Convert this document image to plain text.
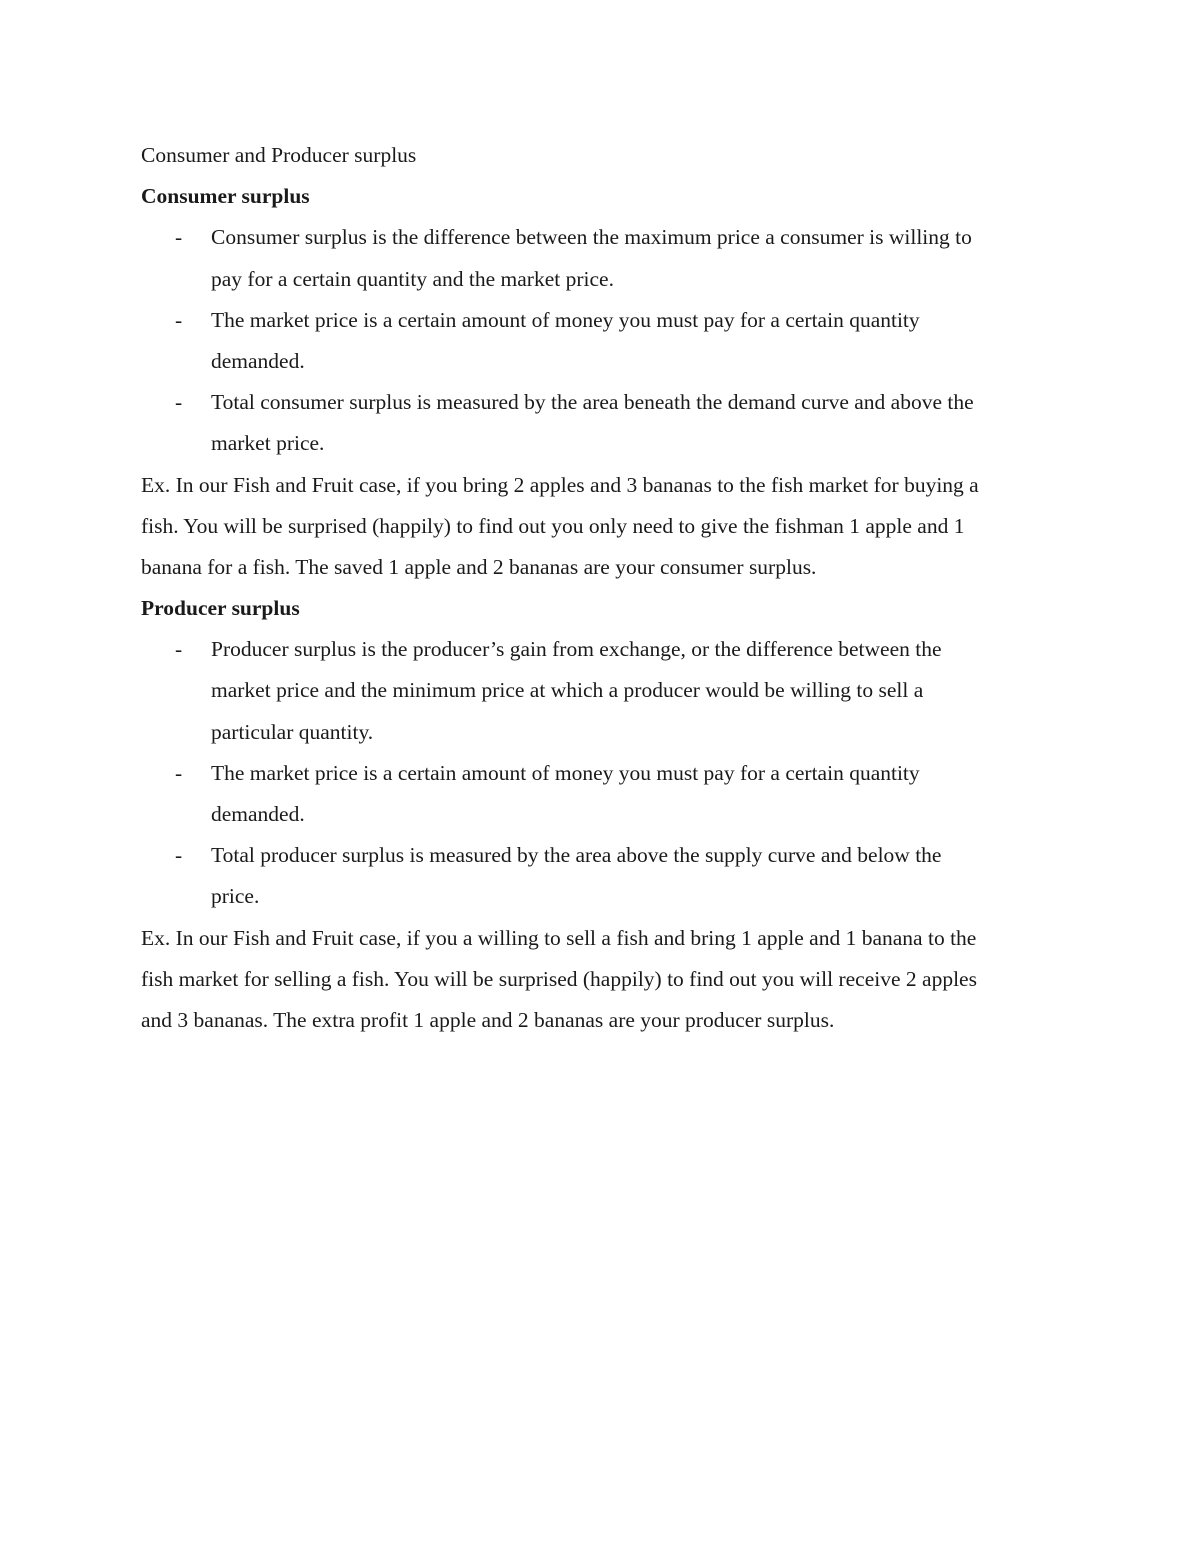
Consumer and Producer surplus
Consumer surplus
-	Consumer surplus is the difference between the maximum price a consumer is willing to
pay for a certain quantity and the market price.
-	The market price is a certain amount of money you must pay for a certain quantity
demanded.
-	Total consumer surplus is measured by the area beneath the demand curve and above the
market price.
Ex. In our Fish and Fruit case, if you bring 2 apples and 3 bananas to the fish market for buying a
fish. You will be surprised (happily) to find out you only need to give the fishman 1 apple and 1
banana for a fish. The saved 1 apple and 2 bananas are your consumer surplus.
Producer surplus
-	Producer surplus is the producer’s gain from exchange, or the difference between the
market price and the minimum price at which a producer would be willing to sell a
particular quantity.
-	The market price is a certain amount of money you must pay for a certain quantity
demanded.
-	Total producer surplus is measured by the area above the supply curve and below the
price.
Ex. In our Fish and Fruit case, if you a willing to sell a fish and bring 1 apple and 1 banana to the
fish market for selling a fish. You will be surprised (happily) to find out you will receive 2 apples
and 3 bananas. The extra profit 1 apple and 2 bananas are your producer surplus.
